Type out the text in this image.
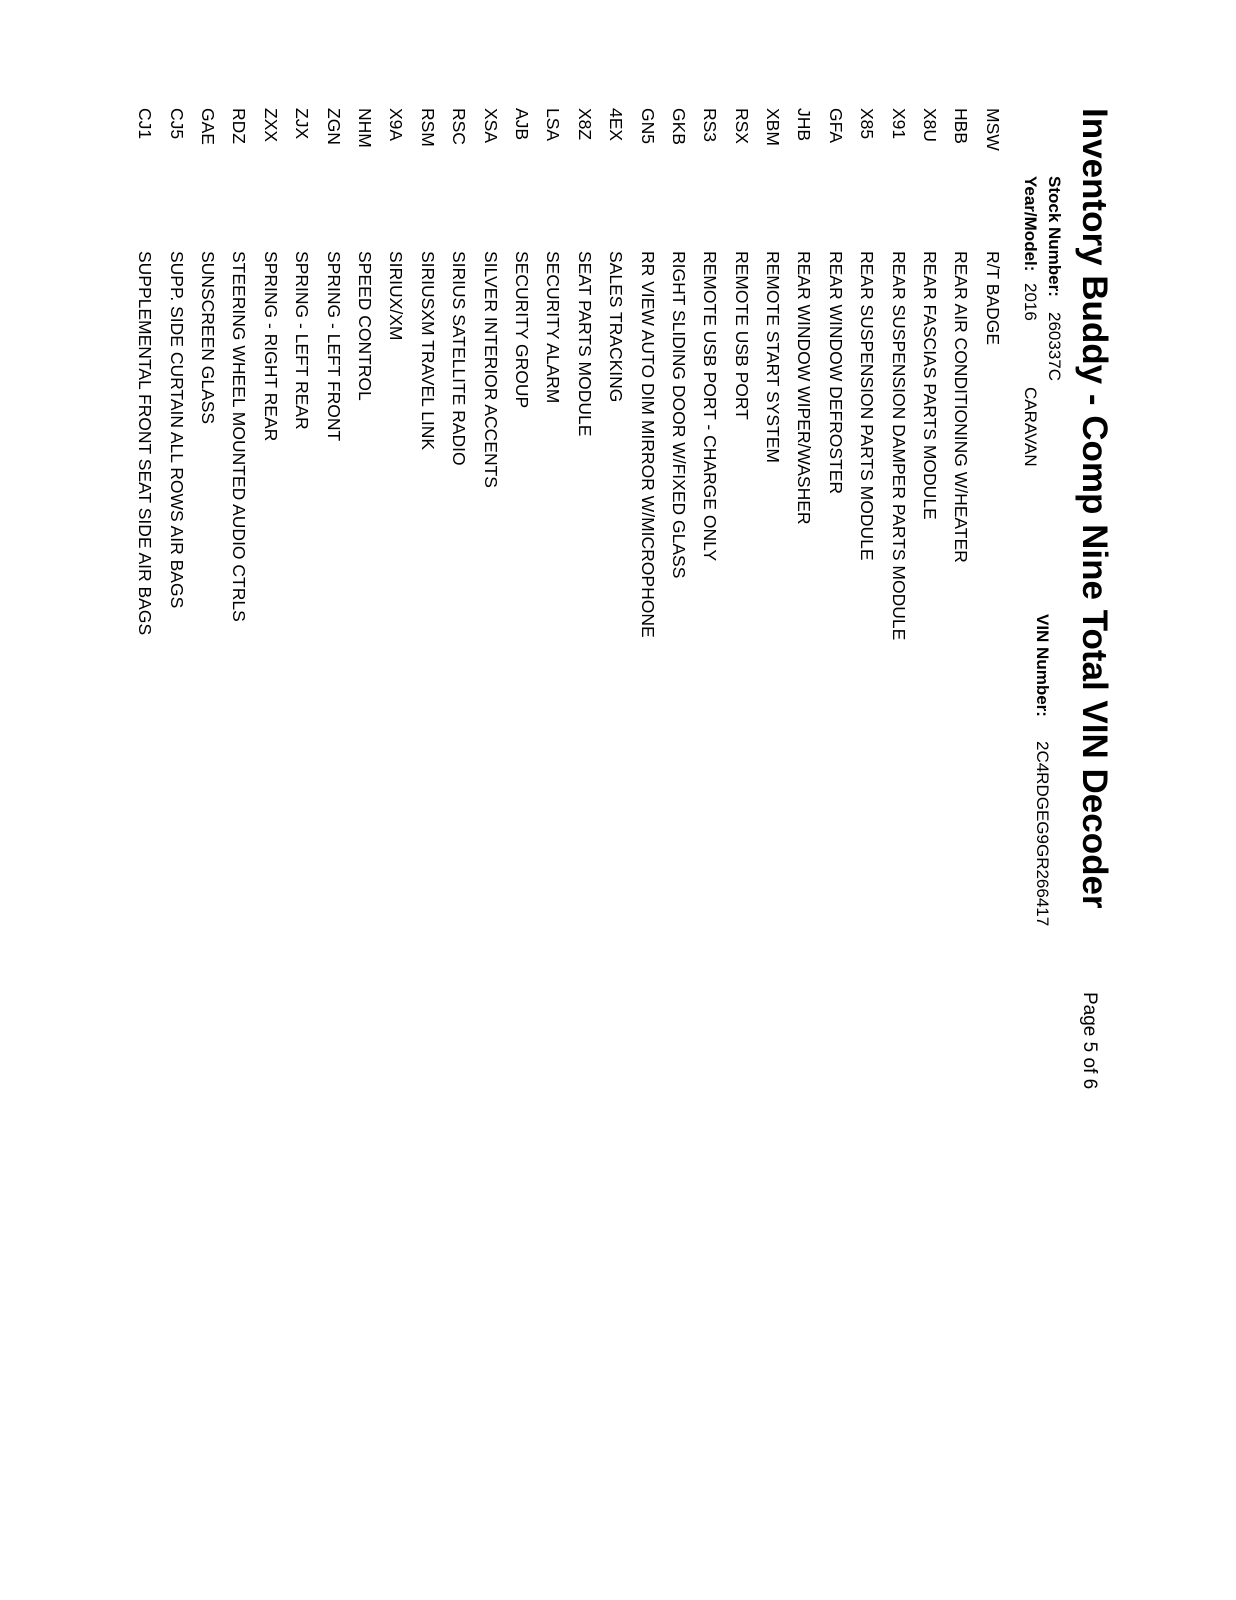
Inventory Buddy - Comp Nine Total VIN Decoder
Page 5 of 6
Stock Number:
260337C
Year/Model:
2016
CARAVAN
VIN Number:
2C4RDGEG9GR266417
MSW
R/T BADGE
HBB
REAR AIR CONDITIONING W/HEATER
X8U
REAR FASCIAS PARTS MODULE
X91
REAR SUSPENSION DAMPER PARTS MODULE
X85
REAR SUSPENSION PARTS MODULE
GFA
REAR WINDOW DEFROSTER
JHB
REAR WINDOW WIPER/WASHER
XBM
REMOTE START SYSTEM
RSX
REMOTE USB PORT
RS3
REMOTE USB PORT - CHARGE ONLY
GKB
RIGHT SLIDING DOOR W/FIXED GLASS
GN5
RR VIEW AUTO DIM MIRROR W/MICROPHONE
4EX
SALES TRACKING
X8Z
SEAT PARTS MODULE
LSA
SECURITY ALARM
AJB
SECURITY GROUP
XSA
SILVER INTERIOR ACCENTS
RSC
SIRIUS SATELLITE RADIO
RSM
SIRIUSXM TRAVEL LINK
X9A
SIRIUX/XM
NHM
SPEED CONTROL
ZGN
SPRING - LEFT FRONT
ZJX
SPRING - LEFT REAR
ZXX
SPRING - RIGHT REAR
RDZ
STEERING WHEEL MOUNTED AUDIO CTRLS
GAE
SUNSCREEN GLASS
CJ5
SUPP. SIDE CURTAIN ALL ROWS AIR BAGS
CJ1
SUPPLEMENTAL FRONT SEAT SIDE AIR BAGS
